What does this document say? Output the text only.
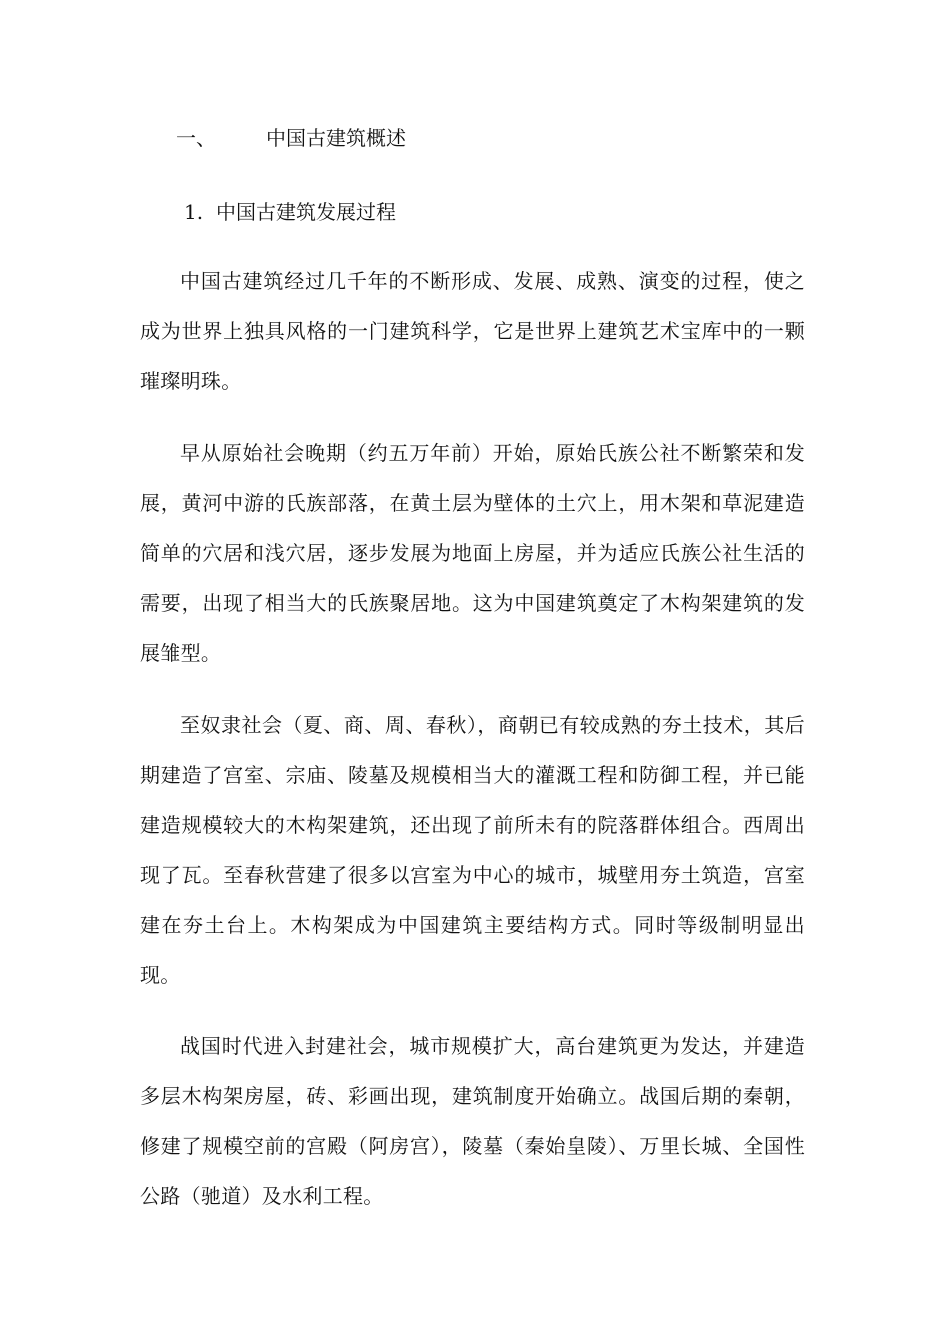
一、	中国古建筑概述
1. 中国古建筑发展过程

中国古建筑经过几千年的不断形成、发展、成熟、演变的过程，使之成为世界上独具风格的一门建筑科学，它是世界上建筑艺术宝库中的一颗璀璨明珠。

早从原始社会晚期（约五万年前）开始，原始氏族公社不断繁荣和发展，黄河中游的氏族部落，在黄土层为壁体的土穴上，用木架和草泥建造简单的穴居和浅穴居，逐步发展为地面上房屋，并为适应氏族公社生活的需要，出现了相当大的氏族聚居地。这为中国建筑奠定了木构架建筑的发展雏型。

至奴隶社会（夏、商、周、春秋），商朝已有较成熟的夯土技术，其后期建造了宫室、宗庙、陵墓及规模相当大的灌溉工程和防御工程，并已能建造规模较大的木构架建筑，还出现了前所未有的院落群体组合。西周出现了瓦。至春秋营建了很多以宫室为中心的城市，城壁用夯土筑造，宫室建在夯土台上。木构架成为中国建筑主要结构方式。同时等级制明显出现。

战国时代进入封建社会，城市规模扩大，高台建筑更为发达，并建造多层木构架房屋，砖、彩画出现，建筑制度开始确立。战国后期的秦朝，修建了规模空前的宫殿（阿房宫），陵墓（秦始皇陵）、万里长城、全国性公路（驰道）及水利工程。
